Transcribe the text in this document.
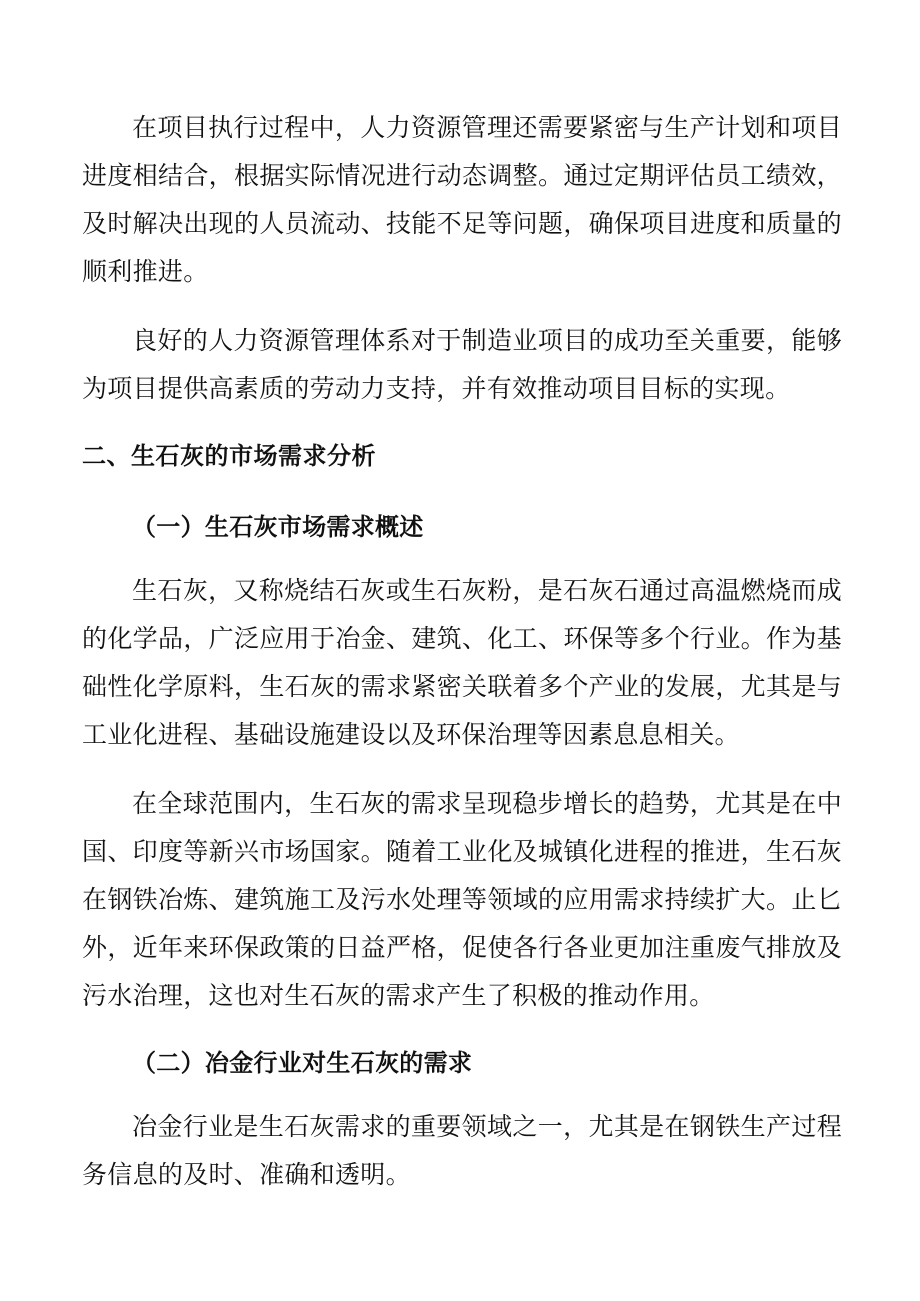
在项目执行过程中，人力资源管理还需要紧密与生产计划和项目进度相结合，根据实际情况进行动态调整。通过定期评估员工绩效，及时解决出现的人员流动、技能不足等问题，确保项目进度和质量的顺利推进。

良好的人力资源管理体系对于制造业项目的成功至关重要，能够为项目提供高素质的劳动力支持，并有效推动项目目标的实现。

二、生石灰的市场需求分析
（一）生石灰市场需求概述

生石灰，又称烧结石灰或生石灰粉，是石灰石通过高温燃烧而成的化学品，广泛应用于冶金、建筑、化工、环保等多个行业。作为基础性化学原料，生石灰的需求紧密关联着多个产业的发展，尤其是与工业化进程、基础设施建设以及环保治理等因素息息相关。

在全球范围内，生石灰的需求呈现稳步增长的趋势，尤其是在中国、印度等新兴市场国家。随着工业化及城镇化进程的推进，生石灰在钢铁冶炼、建筑施工及污水处理等领域的应用需求持续扩大。止匕外，近年来环保政策的日益严格，促使各行各业更加注重废气排放及污水治理，这也对生石灰的需求产生了积极的推动作用。

（二）冶金行业对生石灰的需求

冶金行业是生石灰需求的重要领域之一，尤其是在钢铁生产过程务信息的及时、准确和透明。
